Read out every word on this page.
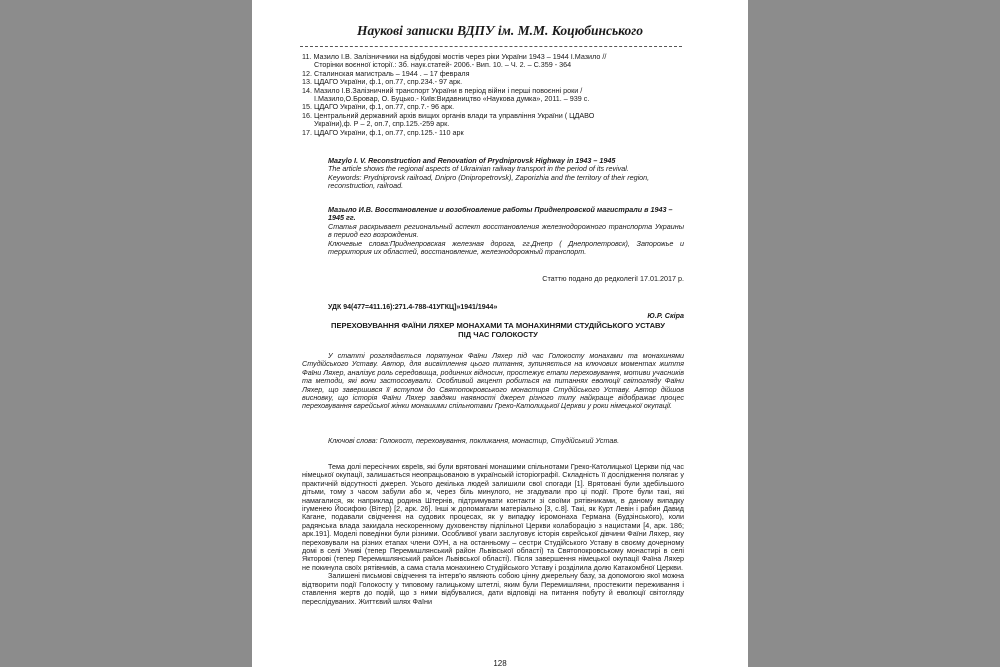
Наукові записки ВДПУ ім. М.М. Коцюбинського
11. Мазило І.В. Залізничники на відбудові мостів через ріки України 1943 – 1944 І.Мазило //
Сторінки воєнної історії.: Зб. наук.статей- 2006.- Вип. 10. – Ч. 2. – С.359 - 364
12. Сталинская магистраль – 1944 . – 17 февраля
13. ЦДАГО України, ф.1, оп.77, спр.234.- 97 арк.
14. Мазило І.В.Залізничний транспорт України в період війни і перші повоєнні роки /
І.Мазило,О.Бровар, О. Буцько.- Київ:Видавництво «Наукова думка», 2011. – 939 с.
15. ЦДАГО України, ф.1, оп.77, спр.7.- 96 арк.
16. Центральний державний архів вищих органів влади та управління України ( ЦДАВО
України),ф. Р – 2, оп.7, спр.125.-259 арк.
17. ЦДАГО України, ф.1, оп.77, спр.125.- 110 арк
Mazylo I. V. Reconstruction and Renovation of Prydniprovsk Highway in 1943 – 1945
The article shows the regional aspects of Ukrainian railway transport in the period of its revival.
Keywords: Prydniprovsk railroad, Dnipro (Dnipropetrovsk), Zaporizhia and the territory of their region, reconstruction, railroad.
Мазыло И.В. Восстановление и возобновление работы Приднепровской магистрали в 1943 – 1945 гг.
Статья раскрывает региональный аспект восстановления железнодорожного транспорта Украины в период его возрождения.
Ключевые слова:Приднепровская железная дорога, гг.Днепр ( Днепропетровск), Запорожье и территория их областей, восстановление, железнодорожный транспорт.
Статтю подано до редколегії 17.01.2017 р.
УДК 94(477=411.16):271.4-788-41УГКЦ]»1941/1944»
Ю.Р. Скіра
ПЕРЕХОВУВАННЯ ФАЇНИ ЛЯХЕР МОНАХАМИ ТА МОНАХИНЯМИ СТУДІЙСЬКОГО УСТАВУ
ПІД ЧАС ГОЛОКОСТУ
У статті розглядається порятунок Фаїни Ляхер під час Голокосту монахами та монахинями Студійського Уставу. Автор, для висвітлення цього питання, зупиняється на ключових моментах життя Фаїни Ляхер, аналізує роль середовища, родинних відносин, простежує етапи переховування, мотиви учасників та методи, які вони застосовували. Особливий акцент робиться на питаннях еволюції світогляду Фаїни Ляхер, що завершився її вступом до Святопокровського монастиря Студійського Уставу. Автор дійшов висновку, що історія Фаїни Ляхер завдяки наявності джерел різного типу найкраще відображає процес переховування єврейської жінки монашими спільнотами Греко-Католицької Церкви у роки німецької окупації.
Ключові слова: Голокост, переховування, покликання, монастир, Студійський Устав.

Тема долі пересічних євреїв, які були врятовані монашими спільнотами Греко-Католицької Церкви під час німецької окупації, залишається неопрацьованою в українській історіографії. Складність її дослідження полягає у практичній відсутності джерел. Усього декілька людей залишили свої спогади [1]. Врятовані були здебільшого дітьми, тому з часом забули або ж, через біль минулого, не згадували про ці події. Проте були такі, які намагалися, як наприклад родина Штернів, підтримувати контакти зі своїми рятівниками, в даному випадку ігуменею Йосифою (Вітер) [2, арк. 26]. Інші ж допомагали матеріально [3, с.8]. Такі, як Курт Левін і рабин Давид Кагане, подавали свідчення на судових процесах, як у випадку ієромонаха Германа (Будзінського), коли радянська влада закидала нескоренному духовенству підпільної Церкви колаборацію з нацистами [4, арк. 186; арк.191]. Моделі поведінки були різними. Особливої уваги заслуговує історія єврейської дівчини Фаїни Ляхер, яку переховували на різних етапах члени ОУН, а на останньому – сестри Студійського Уставу в своєму дочерному домі в селі Униві (тепер Перемишлянський район Львівської області) та Святопокровському монастирі в селі Якторові (тепер Перемишлянський район Львівської області). Після завершення німецької окупації Фаїна Ляхер не покинула своїх рятівників, а сама стала монахинею Студійського Уставу і розділила долю Катакомбної Церкви.

Залишені письмові свідчення та інтерв'ю являють собою цінну джерельну базу, за допомогою якої можна відтворити події Голокосту у типовому галицькому штетлі, яким були Перемишляни, простежити переживання і ставлення жертв до подій, що з ними відбувалися, дати відповіді на питання побуту й еволюції світогляду переслідуваних. Життєвий шлях Фаїни

128
